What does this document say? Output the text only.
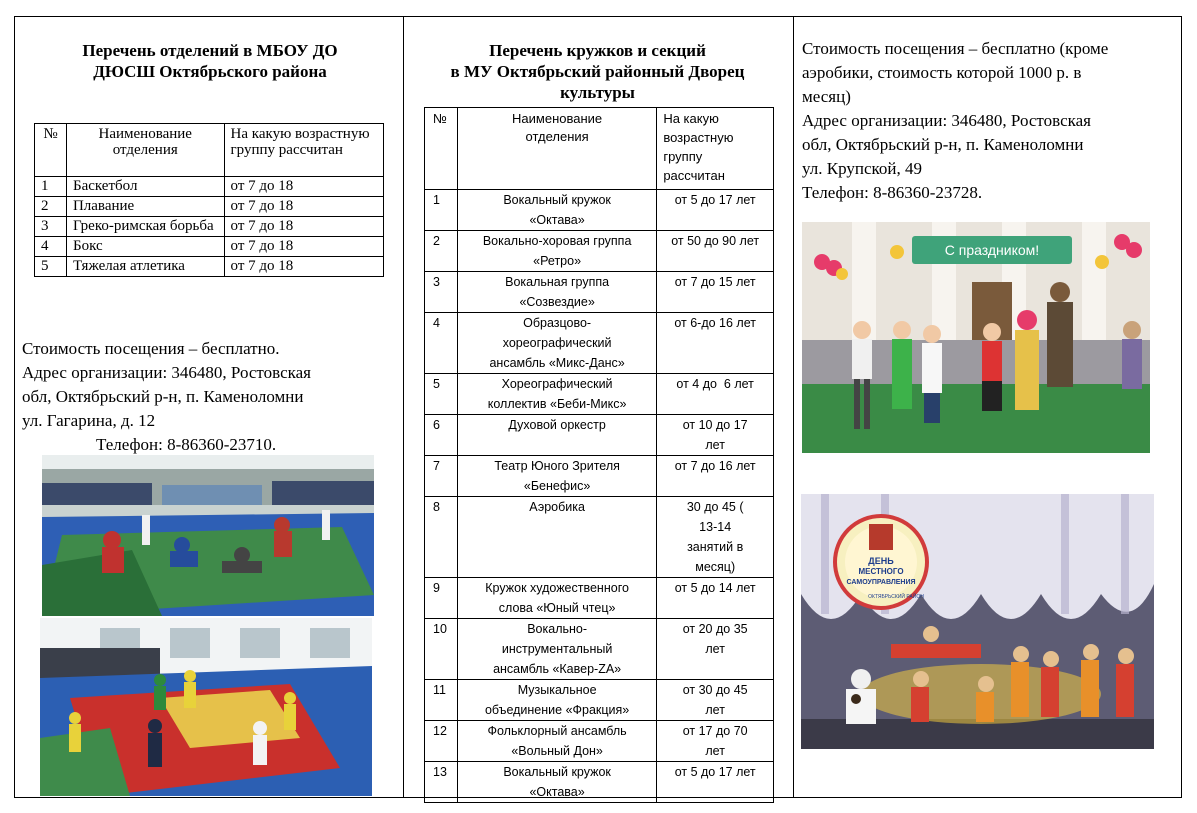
Перечень отделений в МБОУ ДО
ДЮСШ Октябрьского района
№	Наименование отделения	На какую возрастную группу рассчитан
1	Баскетбол	от 7 до 18
2	Плавание	от 7 до 18
3	Греко-римская борьба	от 7 до 18
4	Бокс	от 7 до 18
5	Тяжелая атлетика	от 7 до 18
Стоимость посещения – бесплатно.
Адрес организации: 346480, Ростовская
обл, Октябрьский р-н, п. Каменоломни
ул. Гагарина, д. 12
Телефон: 8-86360-23710.
Перечень кружков и секций
в МУ Октябрьский районный Дворец
культуры
№	Наименование отделения	На какую возрастную группу рассчитан
1	Вокальный кружок «Октава»	от 5 до 17 лет
2	Вокально-хоровая группа «Ретро»	от 50 до 90 лет
3	Вокальная группа «Созвездие»	от 7 до 15 лет
4	Образцово-хореографический ансамбль «Микс-Данс»	от 6-до 16 лет
5	Хореографический коллектив «Беби-Микс»	от 4 до  6 лет
6	Духовой оркестр	от 10 до 17 лет
7	Театр Юного Зрителя «Бенефис»	от 7 до 16 лет
8	Аэробика	30 до 45 ( 13-14 занятий в месяц)
9	Кружок художественного слова «Юный чтец»	от 5 до 14 лет
10	Вокально-инструментальный ансамбль «Кавер-ZA»	от 20 до 35 лет
11	Музыкальное объединение «Фракция»	от 30 до 45 лет
12	Фольклорный ансамбль «Вольный Дон»	от 17 до 70 лет
13	Вокальный кружок «Октава»	от 5 до 17 лет
Стоимость посещения – бесплатно (кроме
аэробики, стоимость которой 1000 р. в
месяц)
Адрес организации: 346480, Ростовская
обл, Октябрьский р-н, п. Каменоломни
ул. Крупской, 49
Телефон: 8-86360-23728.
С праздником!
ДЕНЬ
МЕСТНОГО
САМОУПРАВЛЕНИЯ
ОКТЯБРЬСКИЙ РАЙОН
